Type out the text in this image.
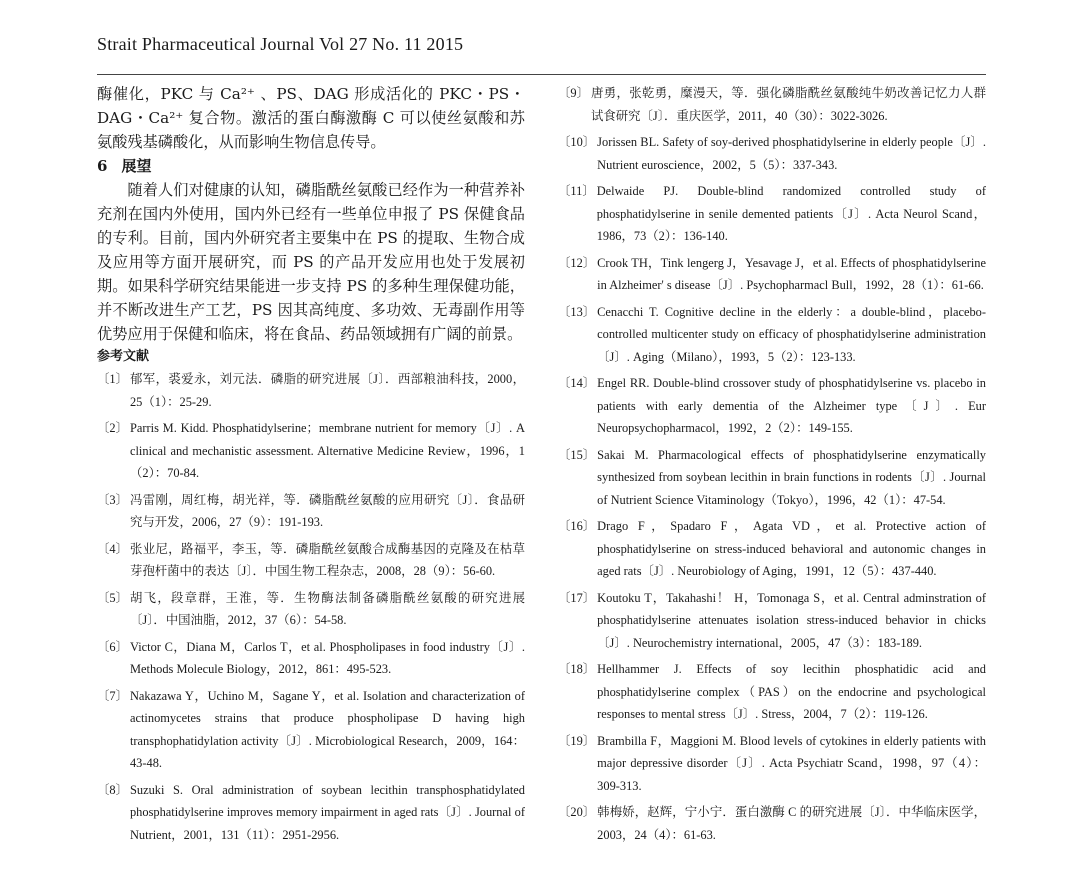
Strait Pharmaceutical Journal Vol 27 No. 11 2015

酶催化，PKC 与 Ca²⁺ 、PS、DAG 形成活化的 PKC・PS・DAG・Ca²⁺ 复合物。激活的蛋白酶激酶 C 可以使丝氨酸和苏氨酸残基磷酸化，从而影响生物信息传导。

6 展望

随着人们对健康的认知，磷脂酰丝氨酸已经作为一种营养补充剂在国内外使用，国内外已经有一些单位申报了 PS 保健食品的专利。目前，国内外研究者主要集中在 PS 的提取、生物合成及应用等方面开展研究，而 PS 的产品开发应用也处于发展初期。如果科学研究结果能进一步支持 PS 的多种生理保健功能，并不断改进生产工艺，PS 因其高纯度、多功效、无毒副作用等优势应用于保健和临床，将在食品、药品领域拥有广阔的前景。

参考文献

〔1〕 郁军，裘爱永，刘元法．磷脂的研究进展〔J〕．西部粮油科技，2000，25（1）：25-29.
〔2〕 Parris M. Kidd. Phosphatidylserine；membrane nutrient for memory〔J〕. A clinical and mechanistic assessment. Alternative Medicine Review，1996，1（2）：70-84.
〔3〕 冯雷刚，周红梅，胡光祥，等．磷脂酰丝氨酸的应用研究〔J〕．食品研究与开发，2006，27（9）：191-193.
〔4〕 张业尼，路福平，李玉，等．磷脂酰丝氨酸合成酶基因的克隆及在枯草芽孢杆菌中的表达〔J〕．中国生物工程杂志，2008，28（9）：56-60.
〔5〕 胡飞，段章群，王淮，等．生物酶法制备磷脂酰丝氨酸的研究进展〔J〕．中国油脂，2012，37（6）：54-58.
〔6〕 Victor C，Diana M，Carlos T，et al. Phospholipases in food industry〔J〕. Methods Molecule Biology，2012，861：495-523.
〔7〕 Nakazawa Y，Uchino M，Sagane Y，et al. Isolation and characterization of actinomycetes strains that produce phospholipase D having high transphophatidylation activity〔J〕. Microbiological Research，2009，164：43-48.
〔8〕 Suzuki S. Oral administration of soybean lecithin transphosphatidylated phosphatidylserine improves memory impairment in aged rats〔J〕. Journal of Nutrient，2001，131（11）：2951-2956.
〔9〕 唐勇，张乾勇，糜漫天，等．强化磷脂酰丝氨酸纯牛奶改善记忆力人群试食研究〔J〕．重庆医学，2011，40（30）：3022-3026.
〔10〕 Jorissen BL. Safety of soy-derived phosphatidylserine in elderly people〔J〕. Nutrient euroscience，2002，5（5）：337-343.
〔11〕 Delwaide PJ. Double-blind randomized controlled study of phosphatidylserine in senile demented patients〔J〕. Acta Neurol Scand，1986，73（2）：136-140.
〔12〕 Crook TH，Tink lengerg J，Yesavage J，et al. Effects of phosphatidylserine in Alzheimer' s disease〔J〕. Psychopharmacl Bull，1992，28（1）：61-66.
〔13〕 Cenacchi T. Cognitive decline in the elderly：a double-blind，placebo-controlled multicenter study on efficacy of phosphatidylserine administration〔J〕. Aging（Milano），1993，5（2）：123-133.
〔14〕 Engel RR. Double-blind crossover study of phosphatidylserine vs. placebo in patients with early dementia of the Alzheimer type〔J〕. Eur Neuropsychopharmacol，1992，2（2）：149-155.
〔15〕 Sakai M. Pharmacological effects of phosphatidylserine enzymatically synthesized from soybean lecithin in brain functions in rodents〔J〕. Journal of Nutrient Science Vitaminology（Tokyo），1996，42（1）：47-54.
〔16〕 Drago F，Spadaro F，Agata VD，et al. Protective action of phosphatidylserine on stress-induced behavioral and autonomic changes in aged rats〔J〕. Neurobiology of Aging，1991，12（5）：437-440.
〔17〕 Koutoku T，Takahashi！ H，Tomonaga S，et al. Central adminstration of phosphatidylserine attenuates isolation stress-induced behavior in chicks〔J〕. Neurochemistry international，2005，47（3）：183-189.
〔18〕 Hellhammer J. Effects of soy lecithin phosphatidic acid and phosphatidylserine complex（PAS）on the endocrine and psychological responses to mental stress〔J〕. Stress，2004，7（2）：119-126.
〔19〕 Brambilla F，Maggioni M. Blood levels of cytokines in elderly patients with major depressive disorder〔J〕. Acta Psychiatr Scand，1998，97（4）：309-313.
〔20〕 韩梅娇，赵辉，宁小宁．蛋白激酶 C 的研究进展〔J〕．中华临床医学，2003，24（4）：61-63.
